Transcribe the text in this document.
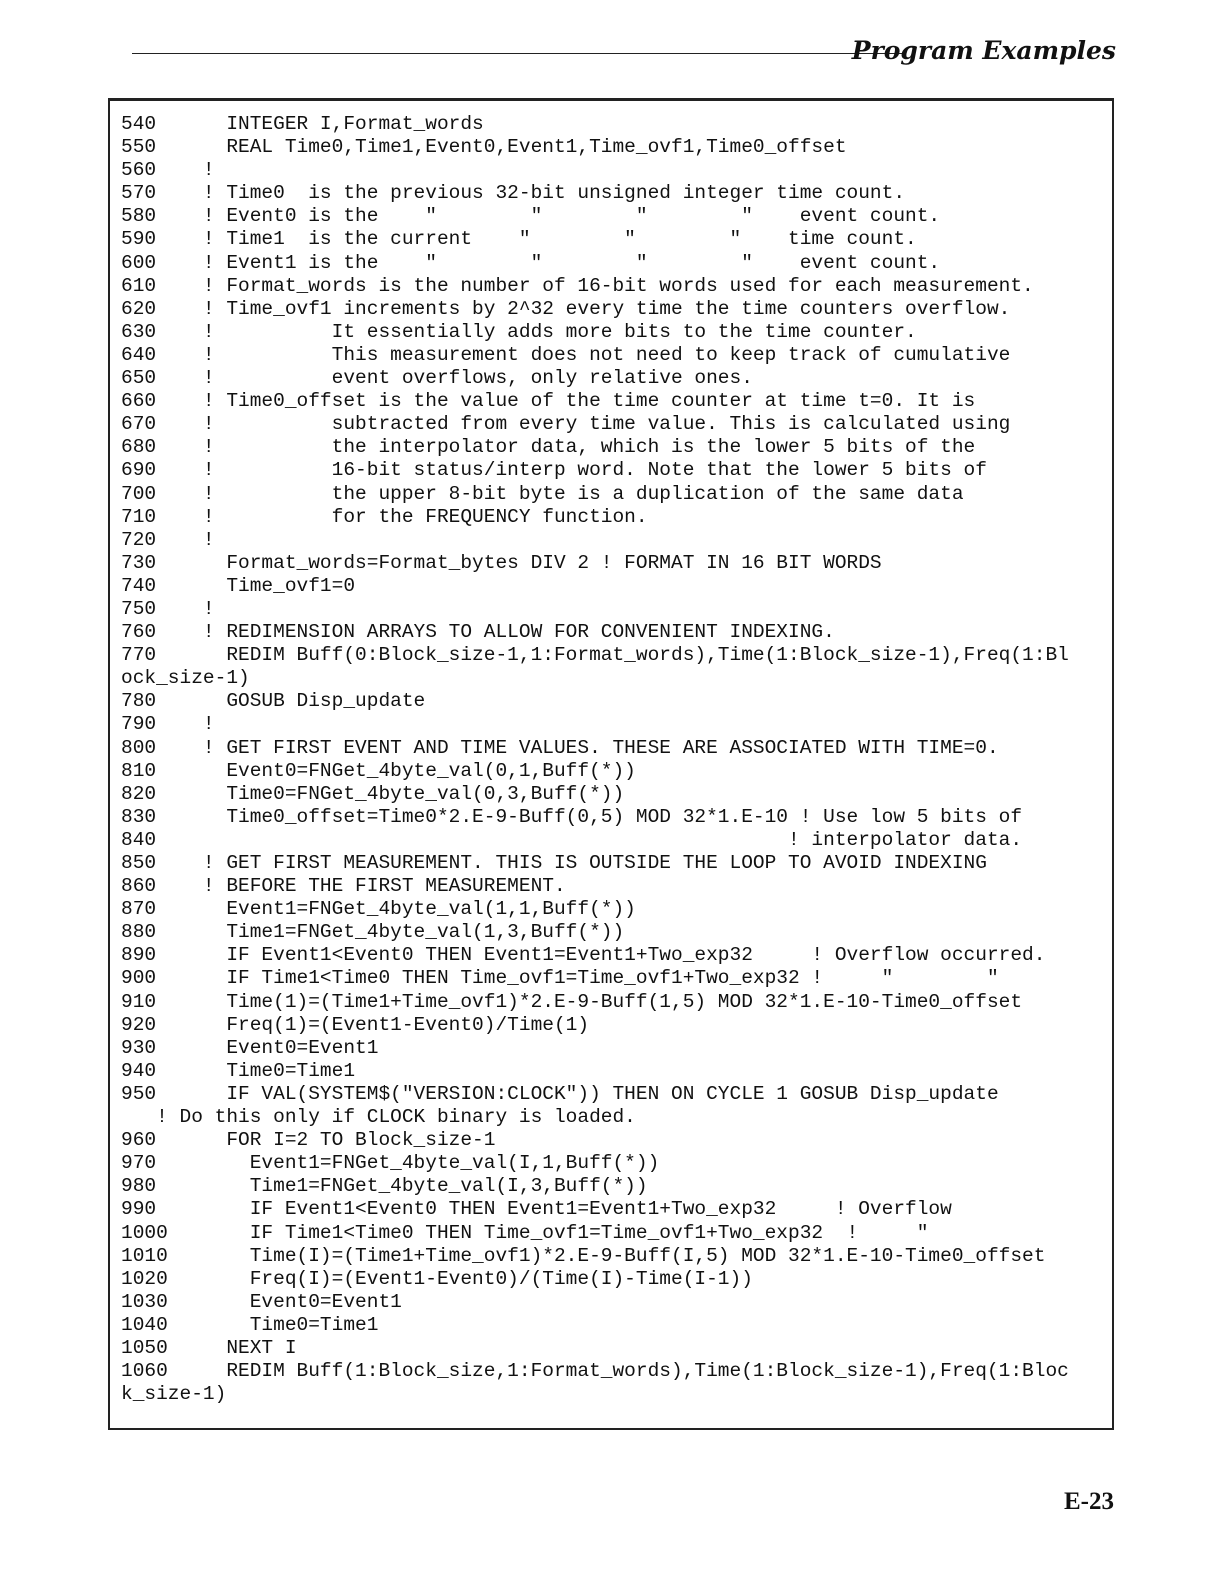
Program Examples
540      INTEGER I,Format_words
550      REAL Time0,Time1,Event0,Event1,Time_ovf1,Time0_offset
560    !
570    ! Time0  is the previous 32-bit unsigned integer time count.
580    ! Event0 is the    "        "        "        "    event count.
590    ! Time1  is the current    "        "        "    time count.
600    ! Event1 is the    "        "        "        "    event count.
610    ! Format_words is the number of 16-bit words used for each measurement.
620    ! Time_ovf1 increments by 2^32 every time the time counters overflow.
630    !          It essentially adds more bits to the time counter.
640    !          This measurement does not need to keep track of cumulative
650    !          event overflows, only relative ones.
660    ! Time0_offset is the value of the time counter at time t=0. It is
670    !          subtracted from every time value. This is calculated using
680    !          the interpolator data, which is the lower 5 bits of the
690    !          16-bit status/interp word. Note that the lower 5 bits of
700    !          the upper 8-bit byte is a duplication of the same data
710    !          for the FREQUENCY function.
720    !
730      Format_words=Format_bytes DIV 2 ! FORMAT IN 16 BIT WORDS
740      Time_ovf1=0
750    !
760    ! REDIMENSION ARRAYS TO ALLOW FOR CONVENIENT INDEXING.
770      REDIM Buff(0:Block_size-1,1:Format_words),Time(1:Block_size-1),Freq(1:Bl
ock_size-1)
780      GOSUB Disp_update
790    !
800    ! GET FIRST EVENT AND TIME VALUES. THESE ARE ASSOCIATED WITH TIME=0.
810      Event0=FNGet_4byte_val(0,1,Buff(*))
820      Time0=FNGet_4byte_val(0,3,Buff(*))
830      Time0_offset=Time0*2.E-9-Buff(0,5) MOD 32*1.E-10 ! Use low 5 bits of
840                                                      ! interpolator data.
850    ! GET FIRST MEASUREMENT. THIS IS OUTSIDE THE LOOP TO AVOID INDEXING
860    ! BEFORE THE FIRST MEASUREMENT.
870      Event1=FNGet_4byte_val(1,1,Buff(*))
880      Time1=FNGet_4byte_val(1,3,Buff(*))
890      IF Event1<Event0 THEN Event1=Event1+Two_exp32     ! Overflow occurred.
900      IF Time1<Time0 THEN Time_ovf1=Time_ovf1+Two_exp32 !     "        "
910      Time(1)=(Time1+Time_ovf1)*2.E-9-Buff(1,5) MOD 32*1.E-10-Time0_offset
920      Freq(1)=(Event1-Event0)/Time(1)
930      Event0=Event1
940      Time0=Time1
950      IF VAL(SYSTEM$("VERSION:CLOCK")) THEN ON CYCLE 1 GOSUB Disp_update
! Do this only if CLOCK binary is loaded.
960      FOR I=2 TO Block_size-1
970        Event1=FNGet_4byte_val(I,1,Buff(*))
980        Time1=FNGet_4byte_val(I,3,Buff(*))
990        IF Event1<Event0 THEN Event1=Event1+Two_exp32     ! Overflow
1000       IF Time1<Time0 THEN Time_ovf1=Time_ovf1+Two_exp32  !     "
1010       Time(I)=(Time1+Time_ovf1)*2.E-9-Buff(I,5) MOD 32*1.E-10-Time0_offset
1020       Freq(I)=(Event1-Event0)/(Time(I)-Time(I-1))
1030       Event0=Event1
1040       Time0=Time1
1050     NEXT I
1060     REDIM Buff(1:Block_size,1:Format_words),Time(1:Block_size-1),Freq(1:Bloc
k_size-1)
E-23
